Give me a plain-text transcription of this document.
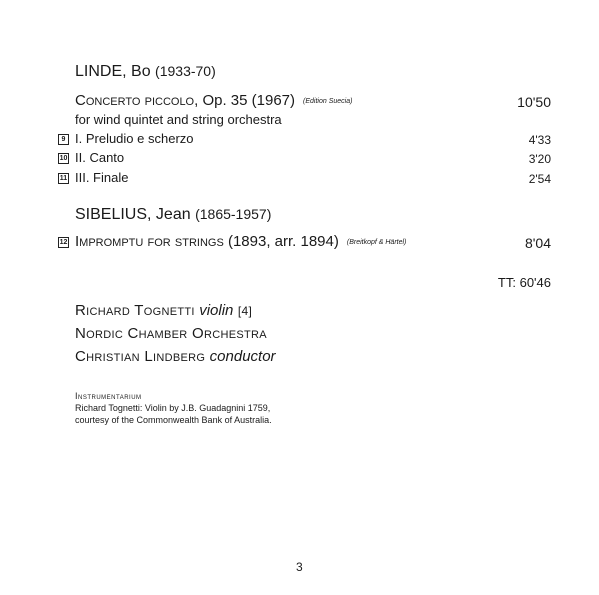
LINDE, Bo (1933-70)
Concerto piccolo, Op. 35 (1967) (Edition Suecia)	10'50
for wind quintet and string orchestra
9 I. Preludio e scherzo	4'33
10 II. Canto	3'20
11 III. Finale	2'54
SIBELIUS, Jean (1865-1957)
12 Impromptu for strings (1893, arr. 1894) (Breitkopf & Härtel)	8'04
TT: 60'46
Richard Tognetti violin [4]
Nordic Chamber Orchestra
Christian Lindberg conductor
Instrumentarium
Richard Tognetti: Violin by J.B. Guadagnini 1759,
courtesy of the Commonwealth Bank of Australia.
3
